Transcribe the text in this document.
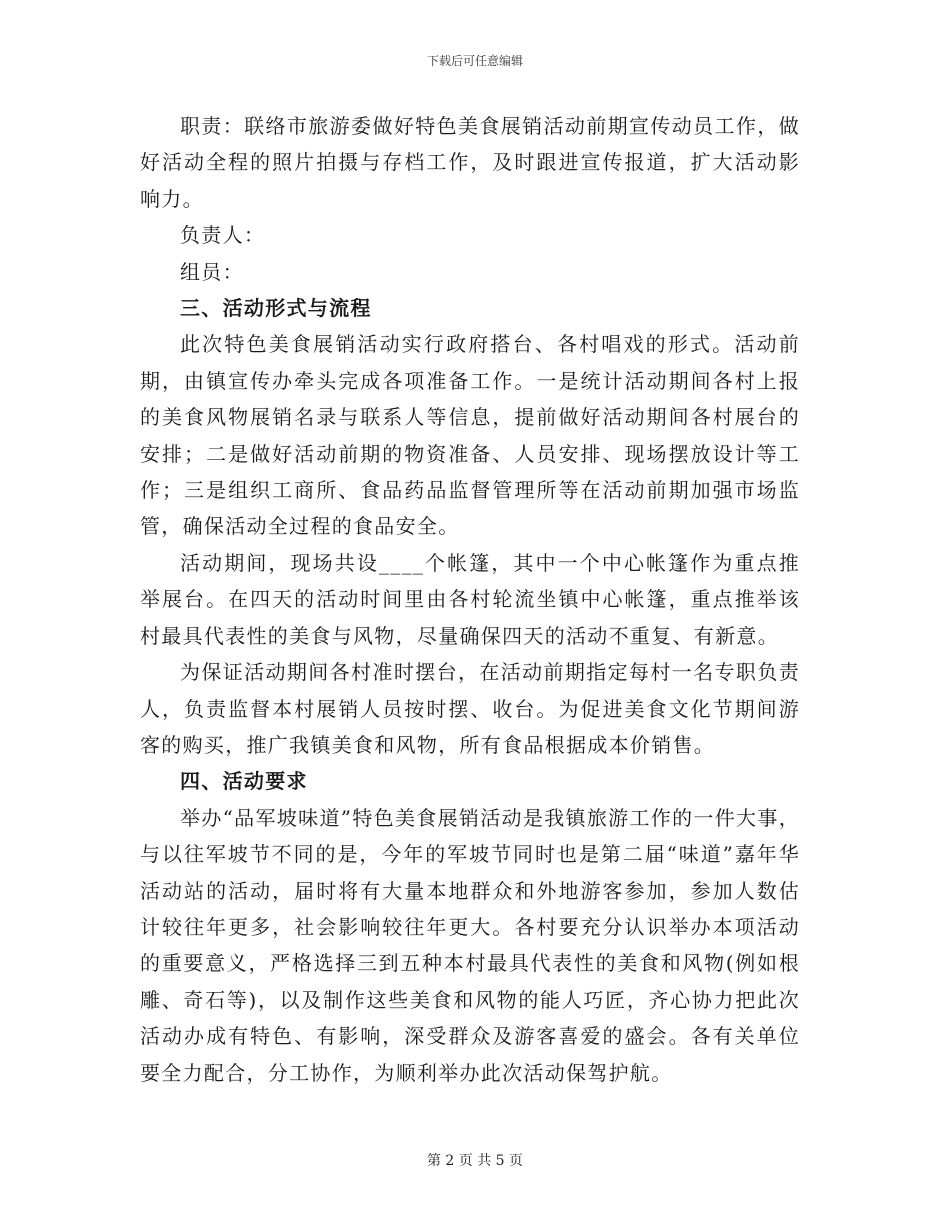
下载后可任意编辑

职责：联络市旅游委做好特色美食展销活动前期宣传动员工作，做好活动全程的照片拍摄与存档工作，及时跟进宣传报道，扩大活动影响力。

负责人：

组员：

三、活动形式与流程

此次特色美食展销活动实行政府搭台、各村唱戏的形式。活动前期，由镇宣传办牵头完成各项准备工作。一是统计活动期间各村上报的美食风物展销名录与联系人等信息，提前做好活动期间各村展台的安排；二是做好活动前期的物资准备、人员安排、现场摆放设计等工作；三是组织工商所、食品药品监督管理所等在活动前期加强市场监管，确保活动全过程的食品安全。

活动期间，现场共设____个帐篷，其中一个中心帐篷作为重点推举展台。在四天的活动时间里由各村轮流坐镇中心帐篷，重点推举该村最具代表性的美食与风物，尽量确保四天的活动不重复、有新意。

为保证活动期间各村准时摆台，在活动前期指定每村一名专职负责人，负责监督本村展销人员按时摆、收台。为促进美食文化节期间游客的购买，推广我镇美食和风物，所有食品根据成本价销售。

四、活动要求

举办“品军坡味道”特色美食展销活动是我镇旅游工作的一件大事，与以往军坡节不同的是，今年的军坡节同时也是第二届“味道”嘉年华活动站的活动，届时将有大量本地群众和外地游客参加，参加人数估计较往年更多，社会影响较往年更大。各村要充分认识举办本项活动的重要意义，严格选择三到五种本村最具代表性的美食和风物(例如根雕、奇石等)，以及制作这些美食和风物的能人巧匠，齐心协力把此次活动办成有特色、有影响，深受群众及游客喜爱的盛会。各有关单位要全力配合，分工协作，为顺利举办此次活动保驾护航。

第 2 页 共 5 页
